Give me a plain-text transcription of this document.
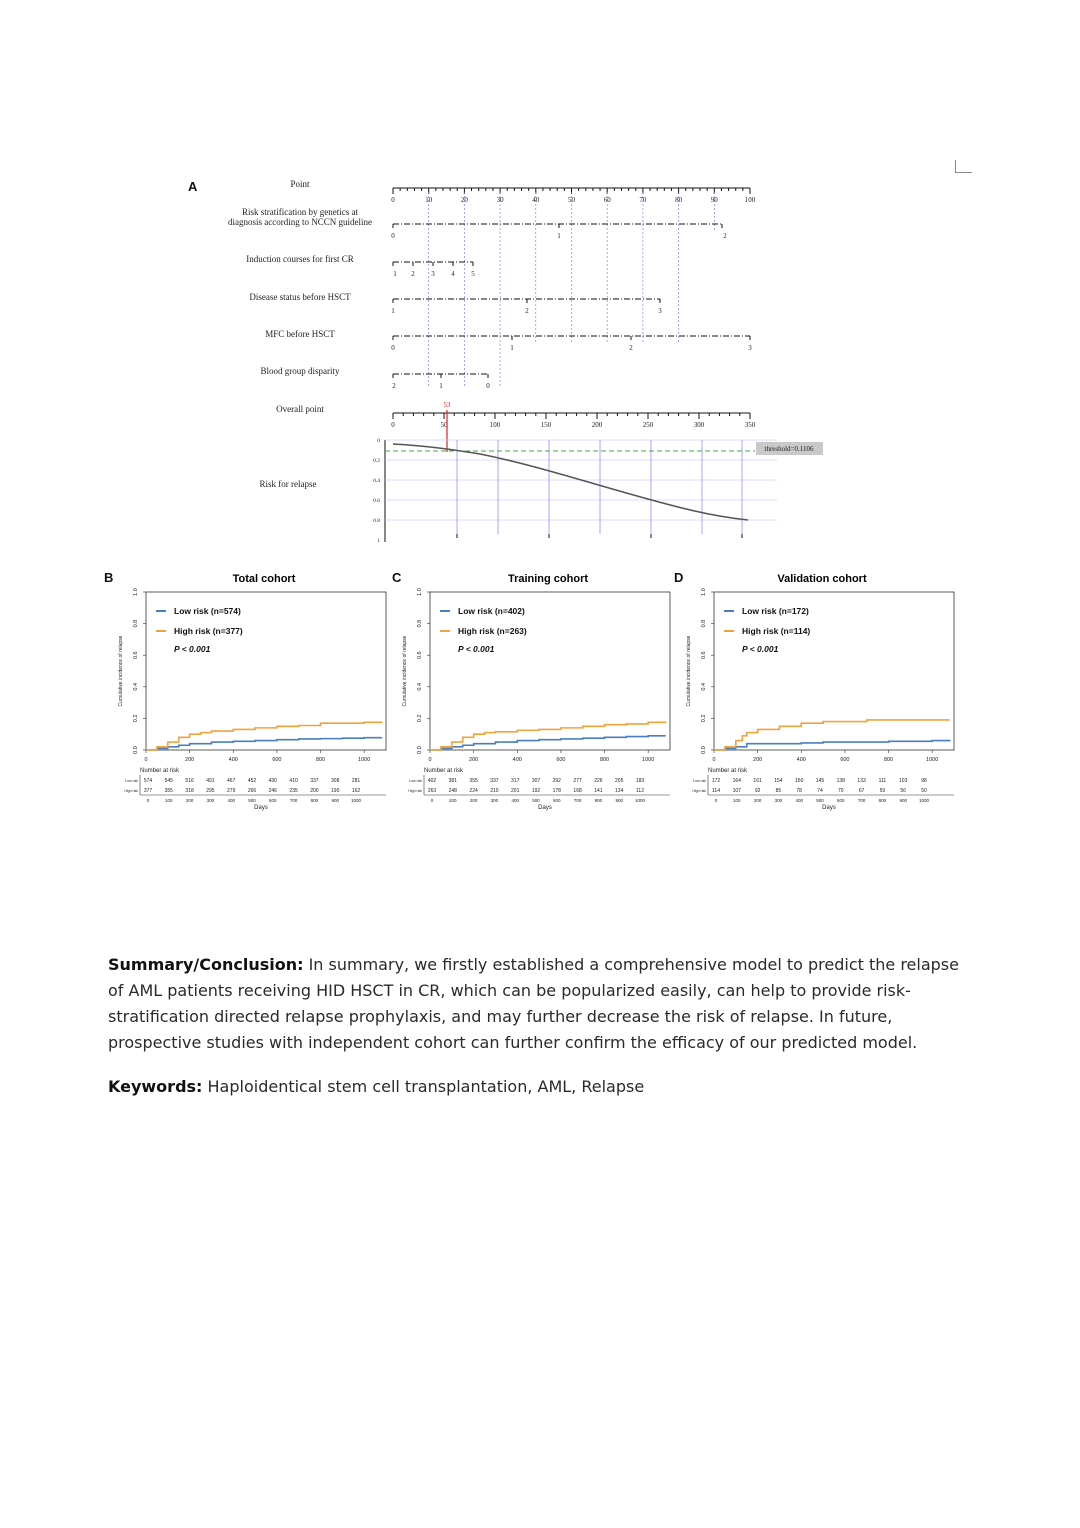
A	Point
Risk stratification by genetics at
diagnosis according to NCCN guideline
Induction courses for first CR
Disease status before HSCT
MFC before HSCT
Blood group disparity
Overall point
Risk for relapse
0	10	20	30	40	50	60	70	80	90	100
0	1	2
1 2 3 4 5
1	2	3
0	1	2	3
2	1	0
0	50	100	150	200	250	300	350
53
0
0.2
0.4
0.6
0.8
1
threshold=0.1106
B	Total cohort
Cumulative incidence of relapse
0.0
0.2
0.4
0.6
0.8
1.0
0	200	400	600	800	1000
Low risk (n=574)
High risk (n=377)
P < 0.001
Number at risk
Low risk 574 545 516 491 467 452 430 410 337 308 281
High risk 377 355 318 295 279 266 246 235 200 190 162
0	100	200	300	400	500	600	700	800	900	1000
Days
C	Training cohort
Cumulative incidence of relapse
0.0
0.2
0.4
0.6
0.8
1.0
0	200	400	600	800	1000
Low risk (n=402)
High risk (n=263)
P < 0.001
Number at risk
Low risk 402 381 355 337 317 307 292 277 226 205 183
High risk 263 248 224 210 201 192 178 168 141 134	112
0	100	200	300	400	500	600	700	800	900	1000
Days
D	Validation cohort
Cumulative incidence of relapse
0.0
0.2
0.4
0.6
0.8
1.0
0	200	400	600	800	1000
Low risk (n=172)
High risk (n=114)
P < 0.001
Number at risk
Low risk 172 164 161 154 150 145 138 133	111	103	98
High risk 114	107	92	85	78	74	70	67	59	56	50
0	100	200	300	400	500	600	700	800	900	1000
Days
Summary/Conclusion: In summary, we firstly established a comprehensive model to predict the relapse of AML patients receiving HID HSCT in CR, which can be popularized easily, can help to provide risk-stratification directed relapse prophylaxis, and may further decrease the risk of relapse. In future, prospective studies with independent cohort can further confirm the efficacy of our predicted model.
Keywords: Haploidentical stem cell transplantation, AML, Relapse
